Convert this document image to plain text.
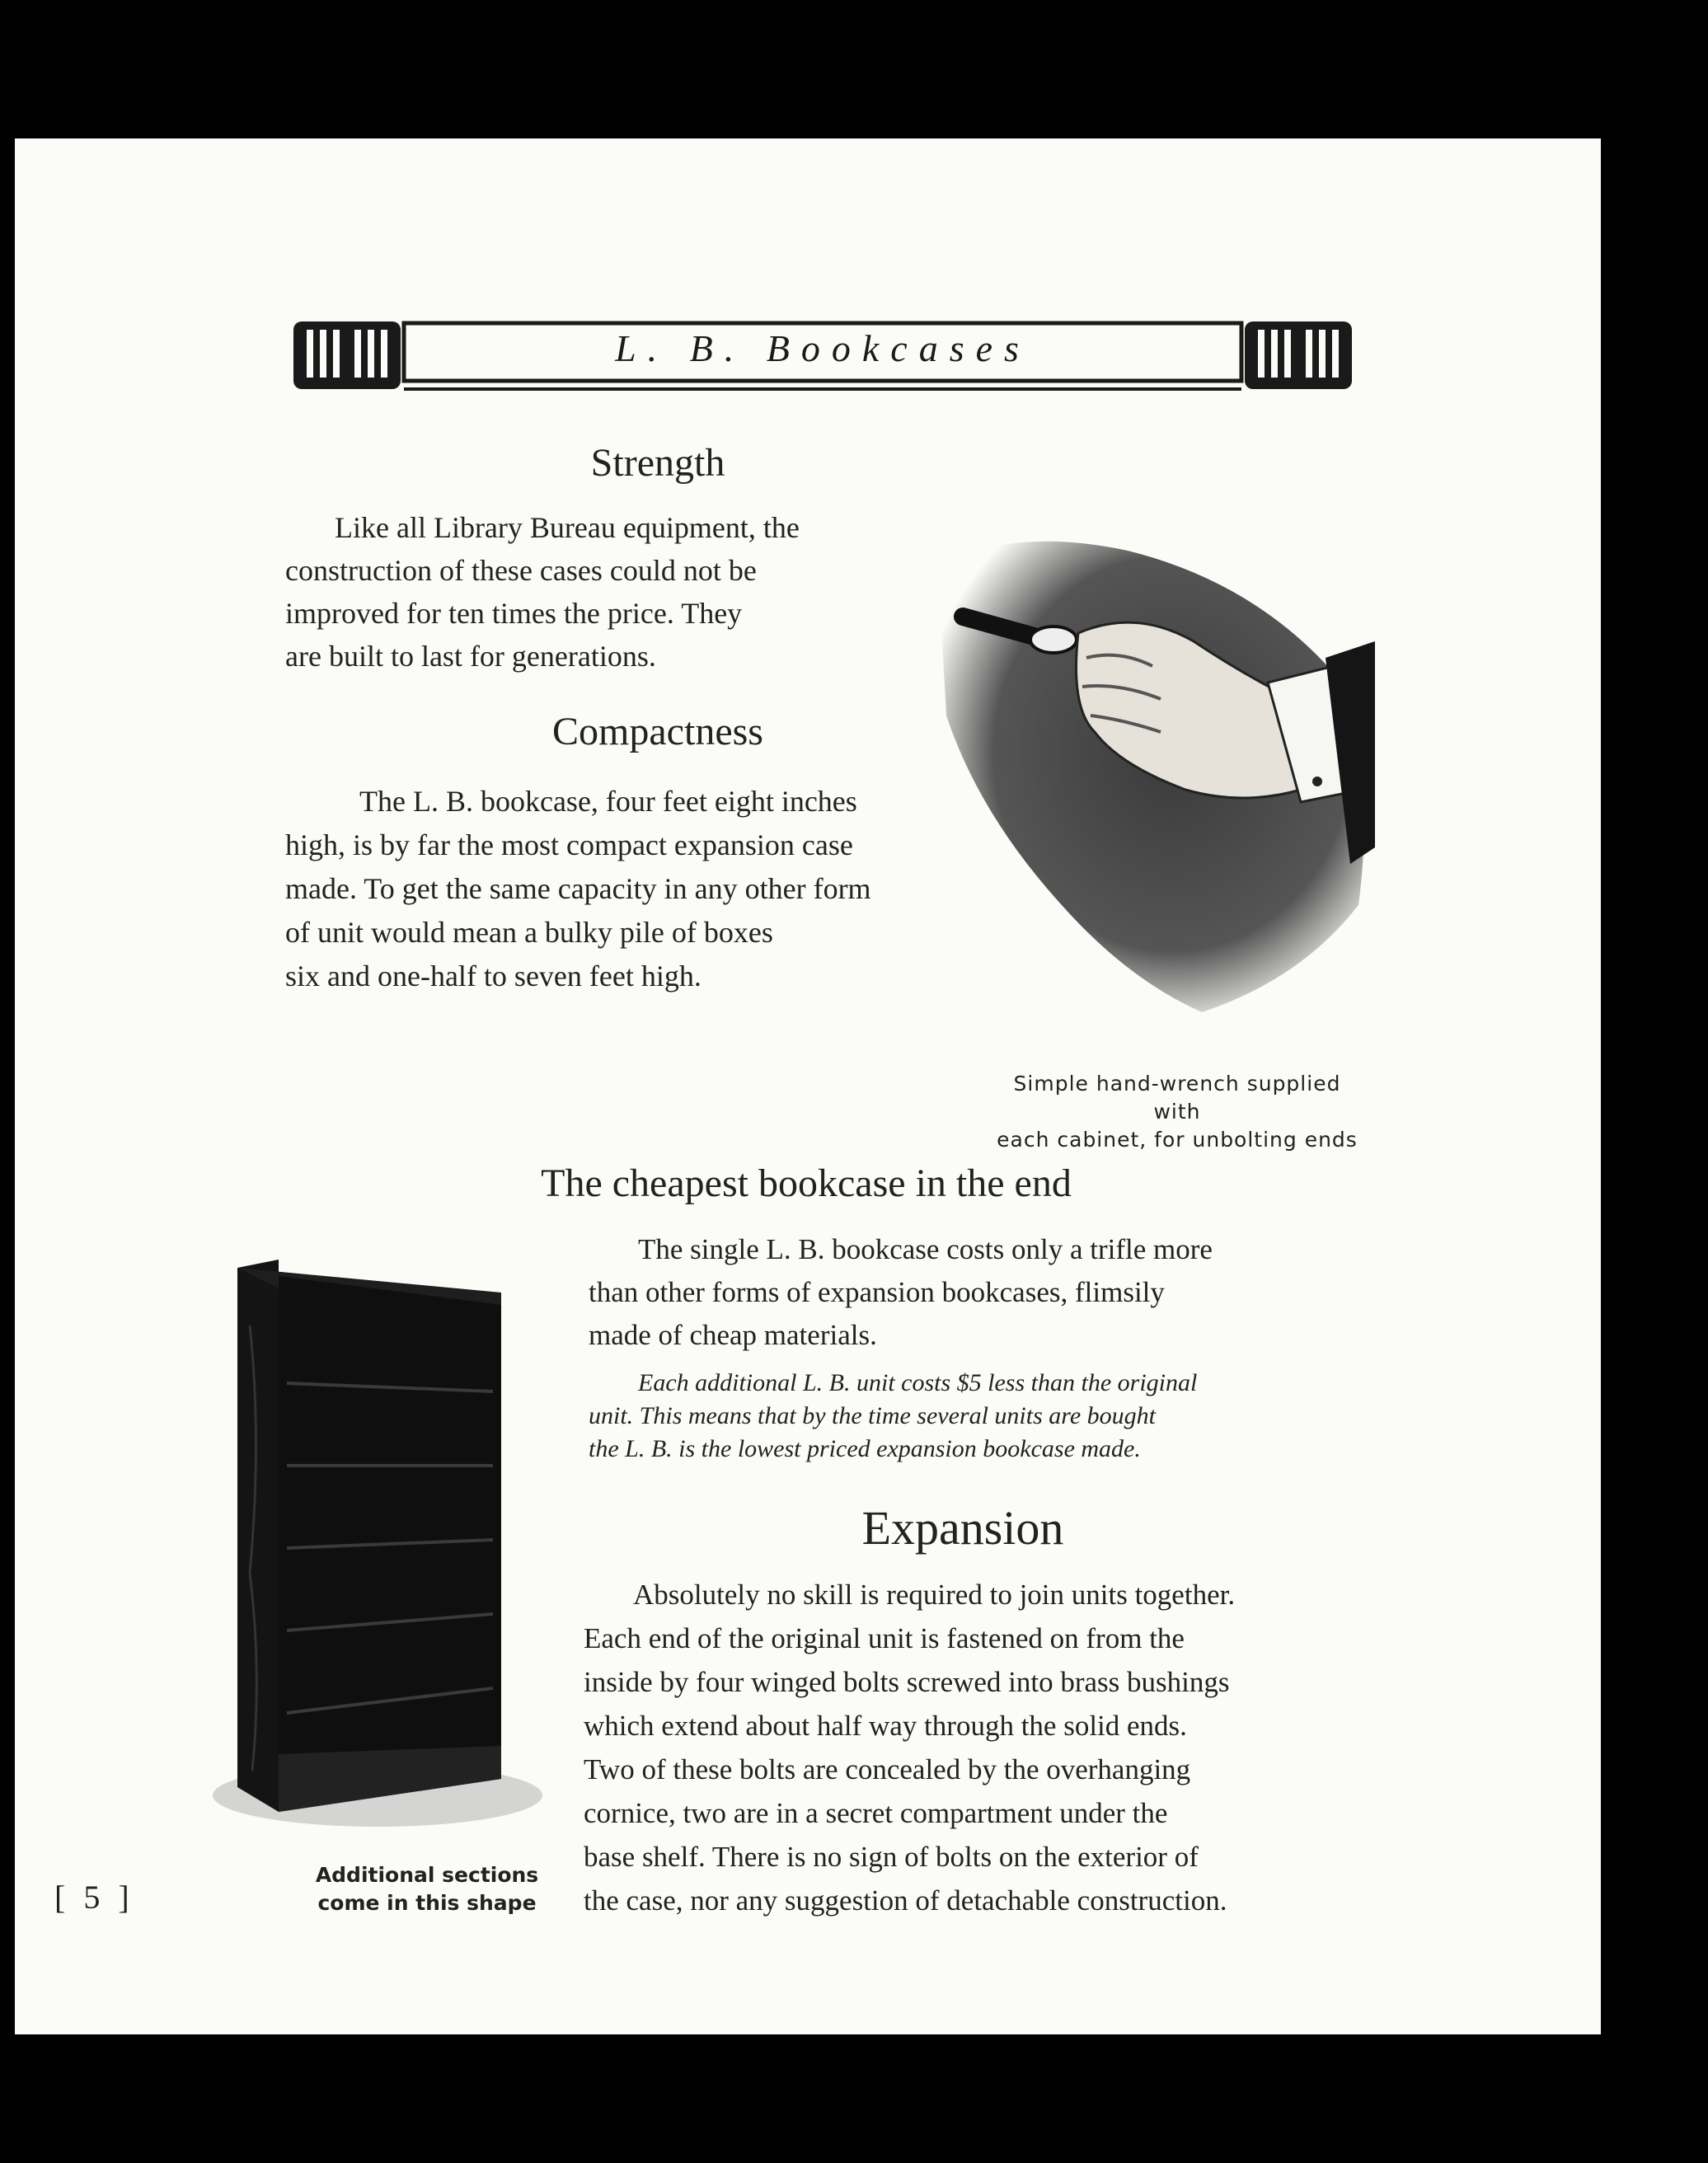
L. B. Bookcases
Strength

Like all Library Bureau equipment, the

construction of these cases could not be

improved for ten times the price. They

are built to last for generations.

Compactness

The L. B. bookcase, four feet eight inches

high, is by far the most compact expansion case

made. To get the same capacity in any other form

of unit would mean a bulky pile of boxes

six and one-half to seven feet high.

Simple hand-wrench supplied with
each cabinet, for unbolting ends
The cheapest bookcase in the end

The single L. B. bookcase costs only a trifle more

than other forms of expansion bookcases, flimsily

made of cheap materials.

Each additional L. B. unit costs $5 less than the original

unit. This means that by the time several units are bought

the L. B. is the lowest priced expansion bookcase made.

Additional sections
come in this shape
Expansion

Absolutely no skill is required to join units together.

Each end of the original unit is fastened on from the

inside by four winged bolts screwed into brass bushings

which extend about half way through the solid ends.

Two of these bolts are concealed by the overhanging

cornice, two are in a secret compartment under the

base shelf. There is no sign of bolts on the exterior of

the case, nor any suggestion of detachable construction.

[ 5 ]
